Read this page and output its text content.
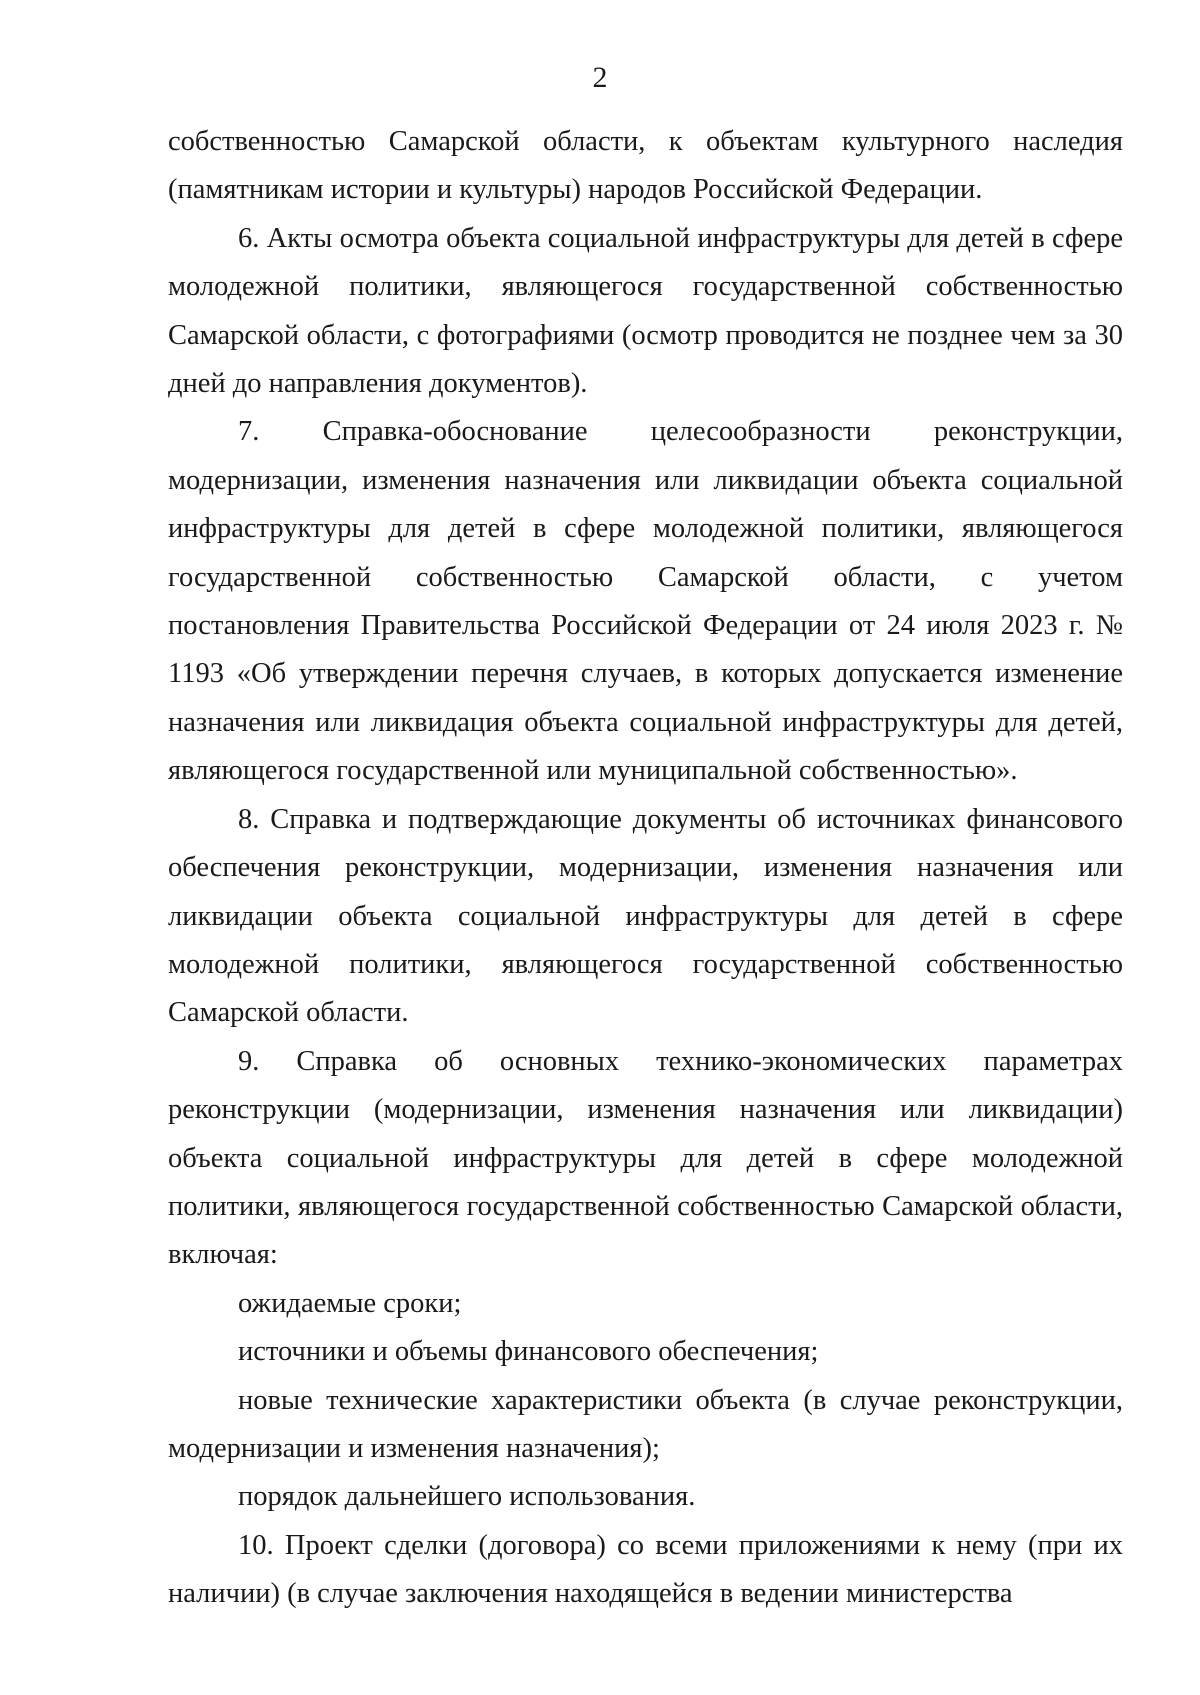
2

собственностью Самарской области, к объектам культурного наследия (памятникам истории и культуры) народов Российской Федерации.

6. Акты осмотра объекта социальной инфраструктуры для детей в сфере молодежной политики, являющегося государственной собственностью Самарской области, с фотографиями (осмотр проводится не позднее чем за 30 дней до направления документов).

7. Справка-обоснование целесообразности реконструкции, модернизации, изменения назначения или ликвидации объекта социальной инфраструктуры для детей в сфере молодежной политики, являющегося государственной собственностью Самарской области, с учетом постановления Правительства Российской Федерации от 24 июля 2023 г. № 1193 «Об утверждении перечня случаев, в которых допускается изменение назначения или ликвидация объекта социальной инфраструктуры для детей, являющегося государственной или муниципальной собственностью».

8. Справка и подтверждающие документы об источниках финансового обеспечения реконструкции, модернизации, изменения назначения или ликвидации объекта социальной инфраструктуры для детей в сфере молодежной политики, являющегося государственной собственностью Самарской области.

9. Справка об основных технико-экономических параметрах реконструкции (модернизации, изменения назначения или ликвидации) объекта социальной инфраструктуры для детей в сфере молодежной политики, являющегося государственной собственностью Самарской области, включая:

ожидаемые сроки;

источники и объемы финансового обеспечения;

новые технические характеристики объекта (в случае реконструкции, модернизации и изменения назначения);

порядок дальнейшего использования.

10. Проект сделки (договора) со всеми приложениями к нему (при их наличии) (в случае заключения находящейся в ведении министерства
